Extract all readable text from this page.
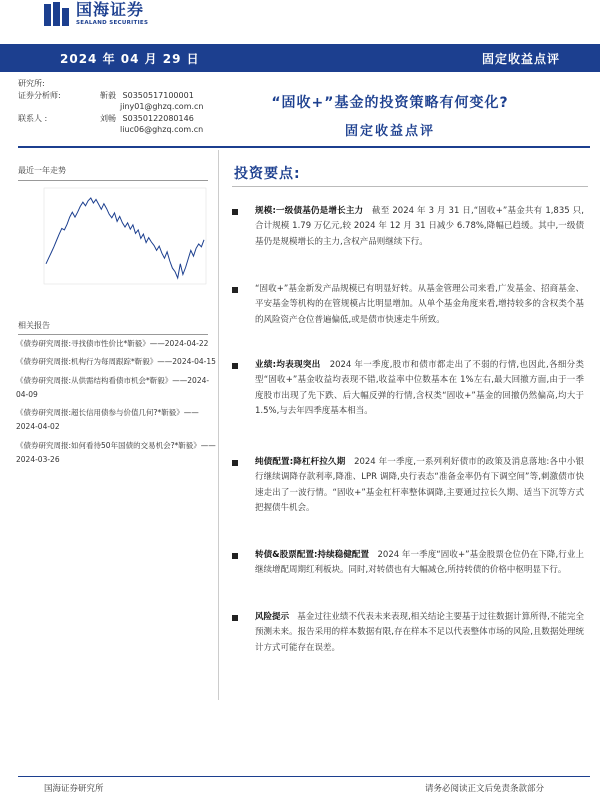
国海证券
SEALAND SECURITIES
2024 年 04 月 29 日	固定收益点评
研究所:
证券分析师:	靳毅 S0350517100001
jiny01@ghzq.com.cn
联系人 :	刘畅 S0350122080146
liuc06@ghzq.com.cn
“固收+”基金的投资策略有何变化?
固定收益点评
最近一年走势
相关报告
《债券研究周报:寻找债市性价比*靳毅》——2024-04-22
《债券研究周报:机构行为每周跟踪*靳毅》——2024-04-15
《债券研究周报:从供需结构看债市机会*靳毅》——2024-04-09
《债券研究周报:超长信用债参与价值几何?*靳毅》——2024-04-02
《债券研究周报:如何看待50年国债的交易机会?*靳毅》——2024-03-26
投资要点:
规模:一级债基仍是增长主力 截至 2024 年 3 月 31 日,“固收+”基金共有 1,835 只,合计规模 1.79 万亿元,较 2024 年 12 月 31 日减少 6.78%,降幅已趋缓。其中,一级债基仍是规模增长的主力,含权产品则继续下行。
“固收+”基金新发产品规模已有明显好转。从基金管理公司来看,广发基金、招商基金、平安基金等机构的在管规模占比明显增加。从单个基金角度来看,增持较多的含权类个基的风险资产仓位普遍偏低,或是债市快速走牛所致。
业绩:均表现突出 2024 年一季度,股市和债市都走出了不弱的行情,也因此,各细分类型“固收+”基金收益均表现不错,收益率中位数基本在 1%左右,最大回撤方面,由于一季度股市出现了先下跌、后大幅反弹的行情,含权类“固收+”基金的回撤仍然偏高,均大于 1.5%,与去年四季度基本相当。
纯债配置:降杠杆拉久期 2024 年一季度,一系列利好债市的政策及消息落地:各中小银行继续调降存款利率,降准、LPR 调降,央行表态“准备金率仍有下调空间”等,刺激债市快速走出了一波行情。“固收+”基金杠杆率整体调降,主要通过拉长久期、适当下沉等方式把握债牛机会。
转债&股票配置:持续稳健配置 2024 年一季度“固收+”基金股票仓位仍在下降,行业上继续增配周期红利板块。同时,对转债也有大幅减仓,所持转债的价格中枢明显下行。
风险提示 基金过往业绩不代表未来表现,相关结论主要基于过往数据计算所得,不能完全预测未来。报告采用的样本数据有限,存在样本不足以代表整体市场的风险,且数据处理统计方式可能存在误差。
国海证券研究所	请务必阅读正文后免责条款部分
